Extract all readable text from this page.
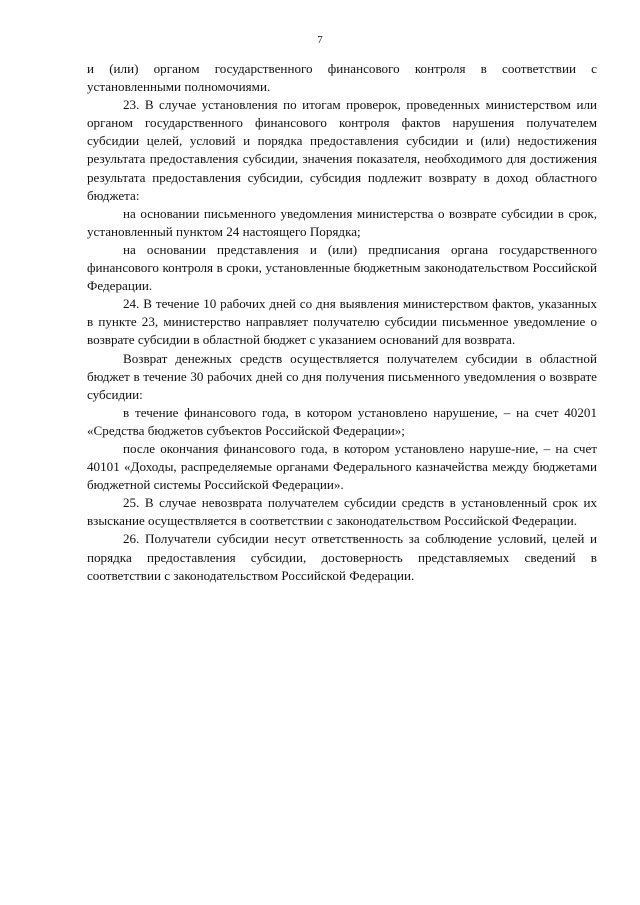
7

и (или) органом государственного финансового контроля в соответствии с установленными полномочиями.

23. В случае установления по итогам проверок, проведенных министерством или органом государственного финансового контроля фактов нарушения получателем субсидии целей, условий и порядка предоставления субсидии и (или) недостижения результата предоставления субсидии, значения показателя, необходимого для достижения результата предоставления субсидии, субсидия подлежит возврату в доход областного бюджета:

на основании письменного уведомления министерства о возврате субсидии в срок, установленный пунктом 24 настоящего Порядка;

на основании представления и (или) предписания органа государственного финансового контроля в сроки, установленные бюджетным законодательством Российской Федерации.

24. В течение 10 рабочих дней со дня выявления министерством фактов, указанных в пункте 23, министерство направляет получателю субсидии письменное уведомление о возврате субсидии в областной бюджет с указанием оснований для возврата.

Возврат денежных средств осуществляется получателем субсидии в областной бюджет в течение 30 рабочих дней со дня получения письменного уведомления о возврате субсидии:

в течение финансового года, в котором установлено нарушение, – на счет 40201 «Средства бюджетов субъектов Российской Федерации»;

после окончания финансового года, в котором установлено наруше-ние, – на счет 40101 «Доходы, распределяемые органами Федерального казначейства между бюджетами бюджетной системы Российской Федерации».

25. В случае невозврата получателем субсидии средств в установленный срок их взыскание осуществляется в соответствии с законодательством Российской Федерации.

26. Получатели субсидии несут ответственность за соблюдение условий, целей и порядка предоставления субсидии, достоверность представляемых сведений в соответствии с законодательством Российской Федерации.
